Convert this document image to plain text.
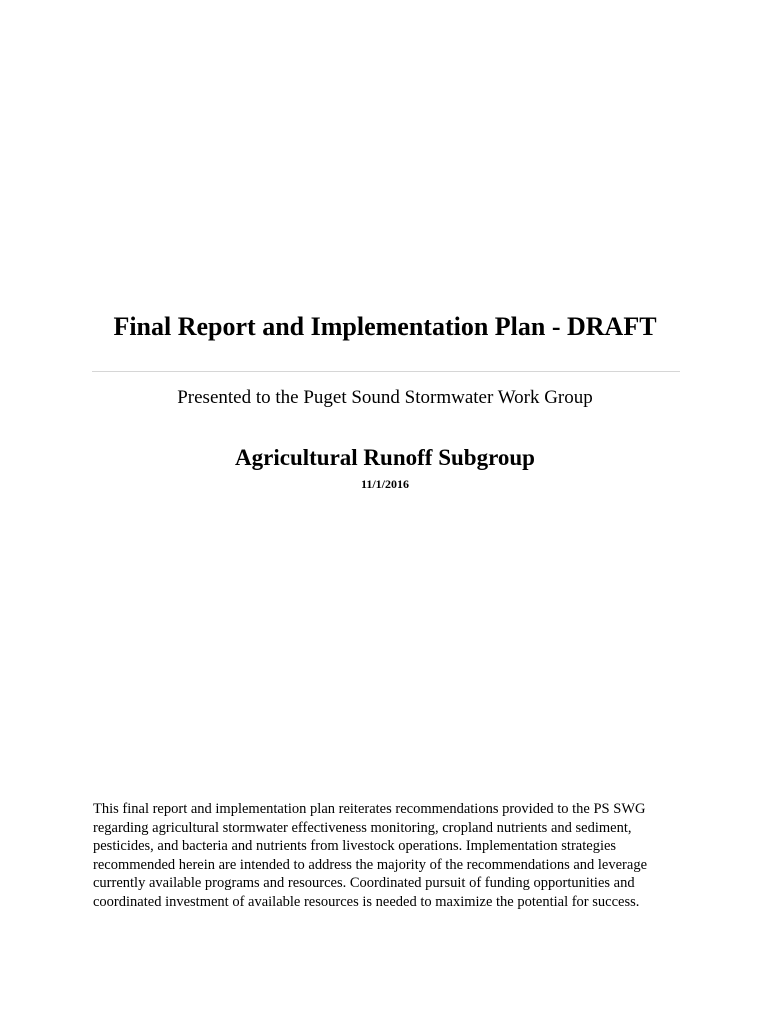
Final Report and Implementation Plan - DRAFT

Presented to the Puget Sound Stormwater Work Group

Agricultural Runoff Subgroup

11/1/2016

This final report and implementation plan reiterates recommendations provided to the PS SWG regarding agricultural stormwater effectiveness monitoring, cropland nutrients and sediment, pesticides, and bacteria and nutrients from livestock operations. Implementation strategies recommended herein are intended to address the majority of the recommendations and leverage currently available programs and resources. Coordinated pursuit of funding opportunities and coordinated investment of available resources is needed to maximize the potential for success.
